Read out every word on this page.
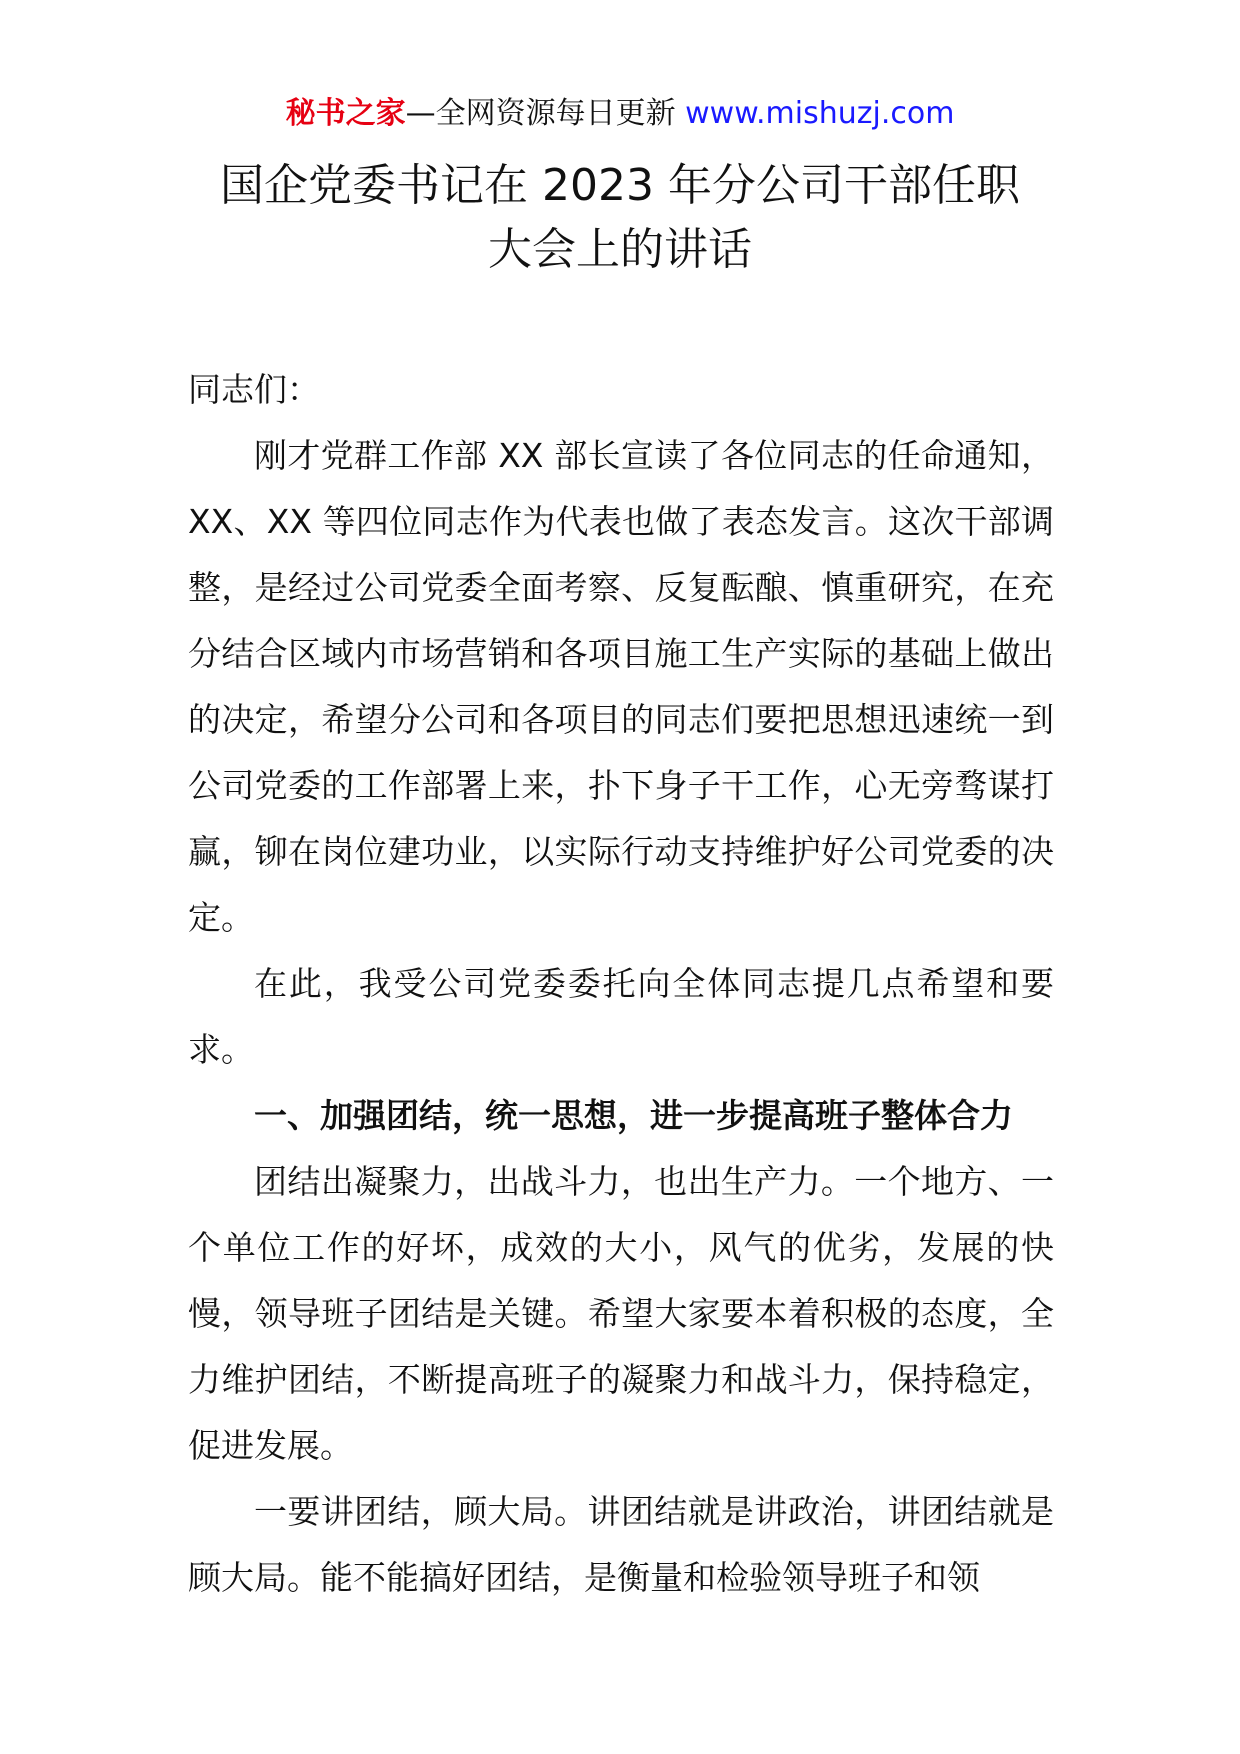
秘书之家—全网资源每日更新 www.mishuzj.com
国企党委书记在 2023 年分公司干部任职
大会上的讲话

同志们：

刚才党群工作部 XX 部长宣读了各位同志的任命通知，XX、XX 等四位同志作为代表也做了表态发言。这次干部调整，是经过公司党委全面考察、反复酝酿、慎重研究，在充分结合区域内市场营销和各项目施工生产实际的基础上做出的决定，希望分公司和各项目的同志们要把思想迅速统一到公司党委的工作部署上来，扑下身子干工作，心无旁骛谋打赢，铆在岗位建功业，以实际行动支持维护好公司党委的决定。

在此，我受公司党委委托向全体同志提几点希望和要求。

一、加强团结，统一思想，进一步提高班子整体合力

团结出凝聚力，出战斗力，也出生产力。一个地方、一个单位工作的好坏，成效的大小，风气的优劣，发展的快慢，领导班子团结是关键。希望大家要本着积极的态度，全力维护团结，不断提高班子的凝聚力和战斗力，保持稳定，促进发展。

一要讲团结，顾大局。讲团结就是讲政治，讲团结就是顾大局。能不能搞好团结，是衡量和检验领导班子和领
